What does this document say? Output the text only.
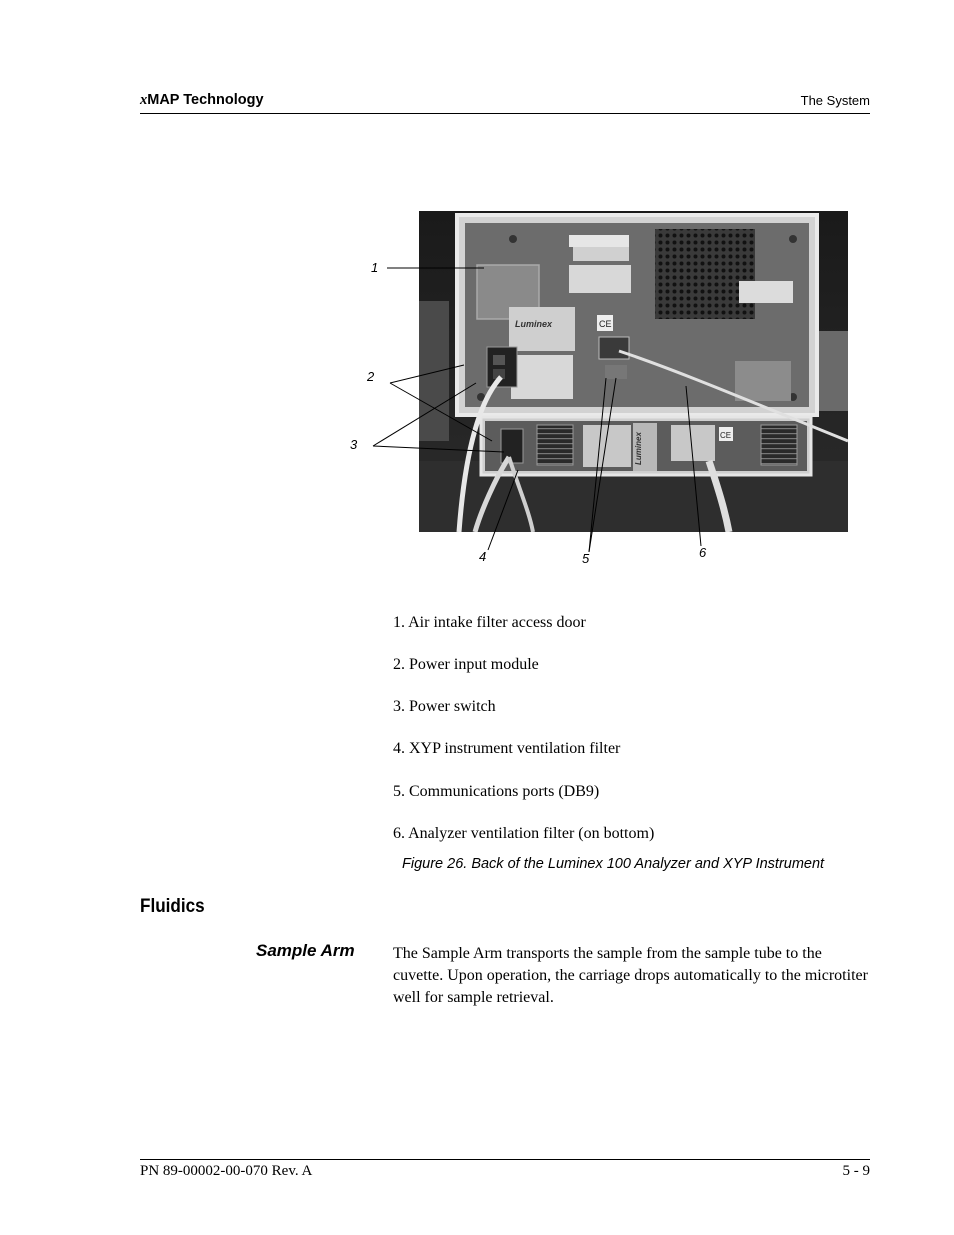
xMAP Technology	The System
Luminex	CE
Luminex	CE
1
2
3
4	5	6
1. Air intake filter access door
2. Power input module
3. Power switch
4. XYP instrument ventilation filter
5. Communications ports (DB9)
6. Analyzer ventilation filter (on bottom)
Figure 26. Back of the Luminex 100 Analyzer and XYP Instrument
Fluidics
Sample Arm The Sample Arm transports the sample from the sample tube to the cuvette. Upon operation, the carriage drops automatically to the microtiter well for sample retrieval.
PN 89-00002-00-070 Rev. A	5 - 9
